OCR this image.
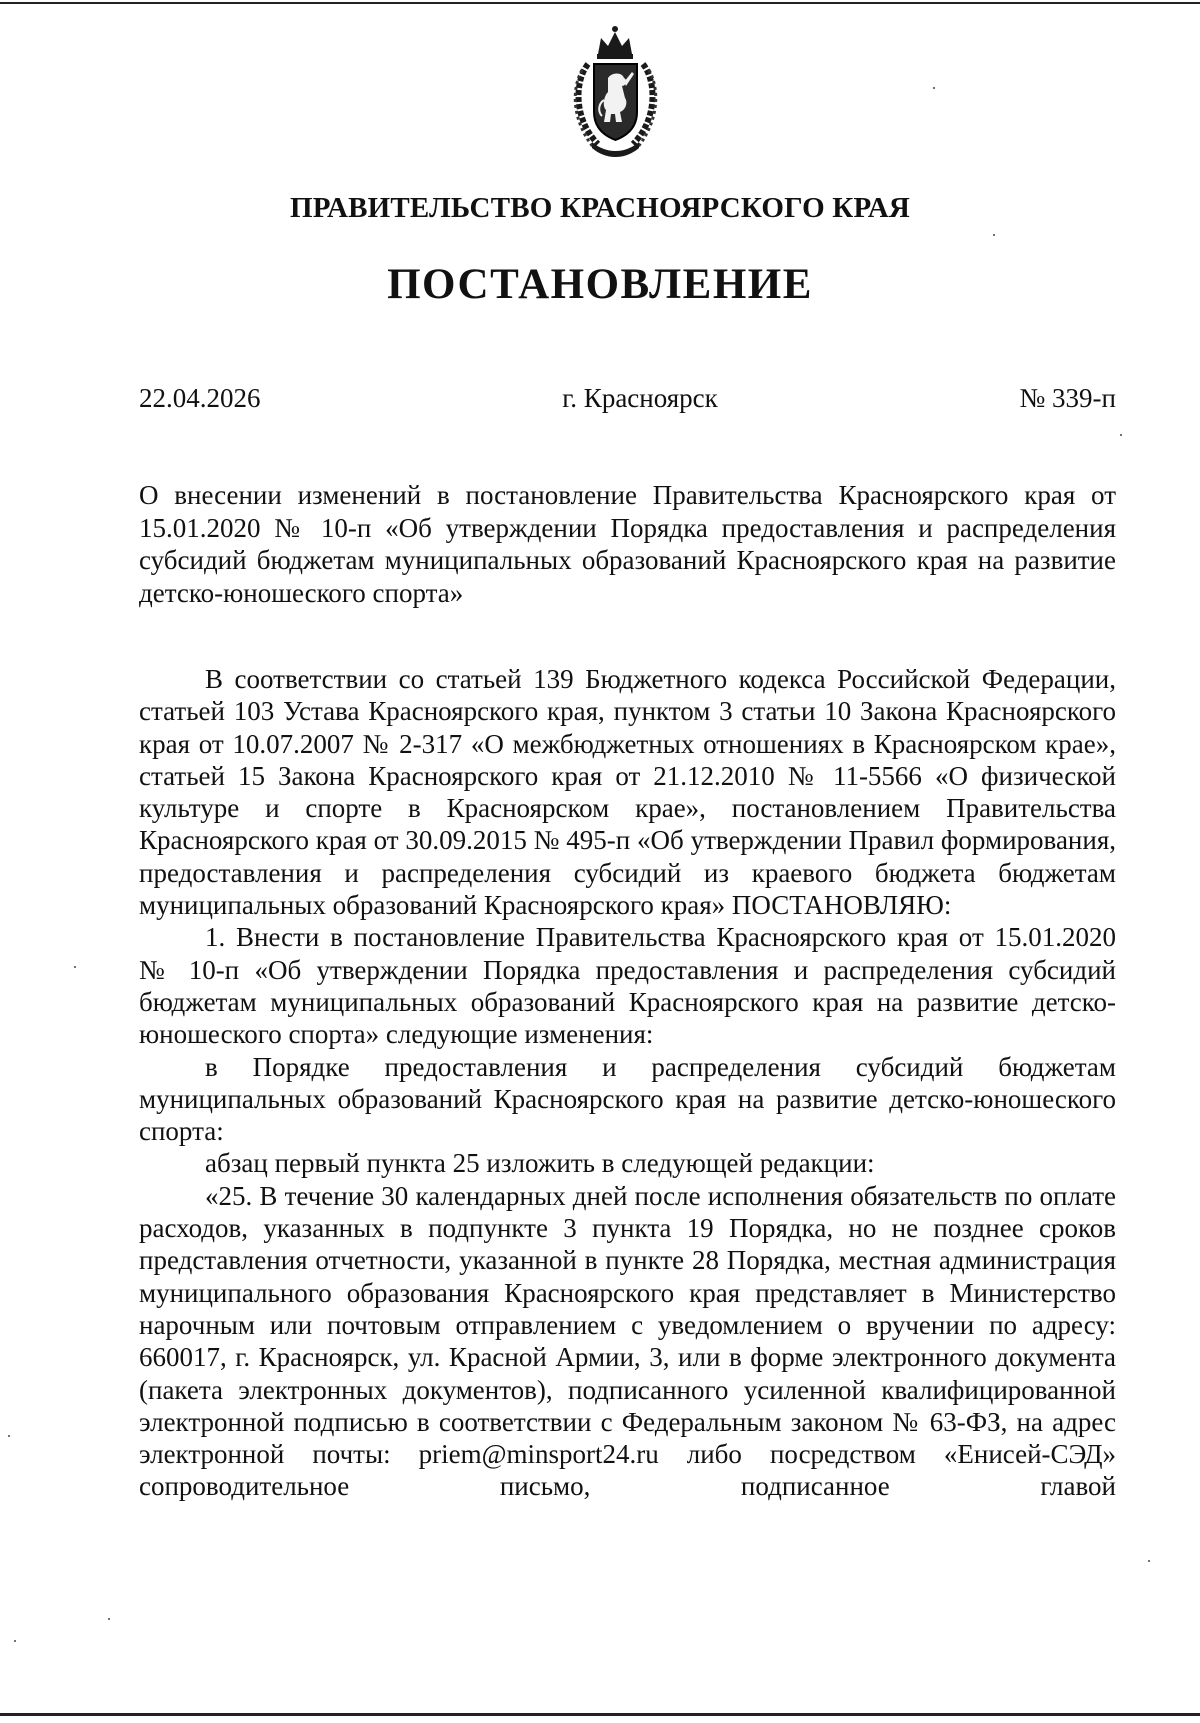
ПРАВИТЕЛЬСТВО КРАСНОЯРСКОГО КРАЯ
ПОСТАНОВЛЕНИЕ
22.04.2026	г. Красноярск	№ 339-п
О внесении изменений в постановление Правительства Красноярского края от 15.01.2020 № 10-п «Об утверждении Порядка предоставления и распределения субсидий бюджетам муниципальных образований Красноярского края на развитие детско-юношеского спорта»

В соответствии со статьей 139 Бюджетного кодекса Российской Федерации, статьей 103 Устава Красноярского края, пунктом 3 статьи 10 Закона Красноярского края от 10.07.2007 № 2-317 «О межбюджетных отношениях в Красноярском крае», статьей 15 Закона Красноярского края от 21.12.2010 № 11-5566 «О физической культуре и спорте в Красноярском крае», постановлением Правительства Красноярского края от 30.09.2015 № 495-п «Об утверждении Правил формирования, предоставления и распределения субсидий из краевого бюджета бюджетам муниципальных образований Красноярского края» ПОСТАНОВЛЯЮ:

1. Внести в постановление Правительства Красноярского края от 15.01.2020 № 10-п «Об утверждении Порядка предоставления и распределения субсидий бюджетам муниципальных образований Красноярского края на развитие детско-юношеского спорта» следующие изменения:

в Порядке предоставления и распределения субсидий бюджетам муниципальных образований Красноярского края на развитие детско-юношеского спорта:

абзац первый пункта 25 изложить в следующей редакции:

«25. В течение 30 календарных дней после исполнения обязательств по оплате расходов, указанных в подпункте 3 пункта 19 Порядка, но не позднее сроков представления отчетности, указанной в пункте 28 Порядка, местная администрация муниципального образования Красноярского края представляет в Министерство нарочным или почтовым отправлением с уведомлением о вручении по адресу: 660017, г. Красноярск, ул. Красной Армии, 3, или в форме электронного документа (пакета электронных документов), подписанного усиленной квалифицированной электронной подписью в соответствии с Федеральным законом № 63-ФЗ, на адрес электронной почты: priem@minsport24.ru либо посредством «Енисей-СЭД» сопроводительное письмо, подписанное главой
